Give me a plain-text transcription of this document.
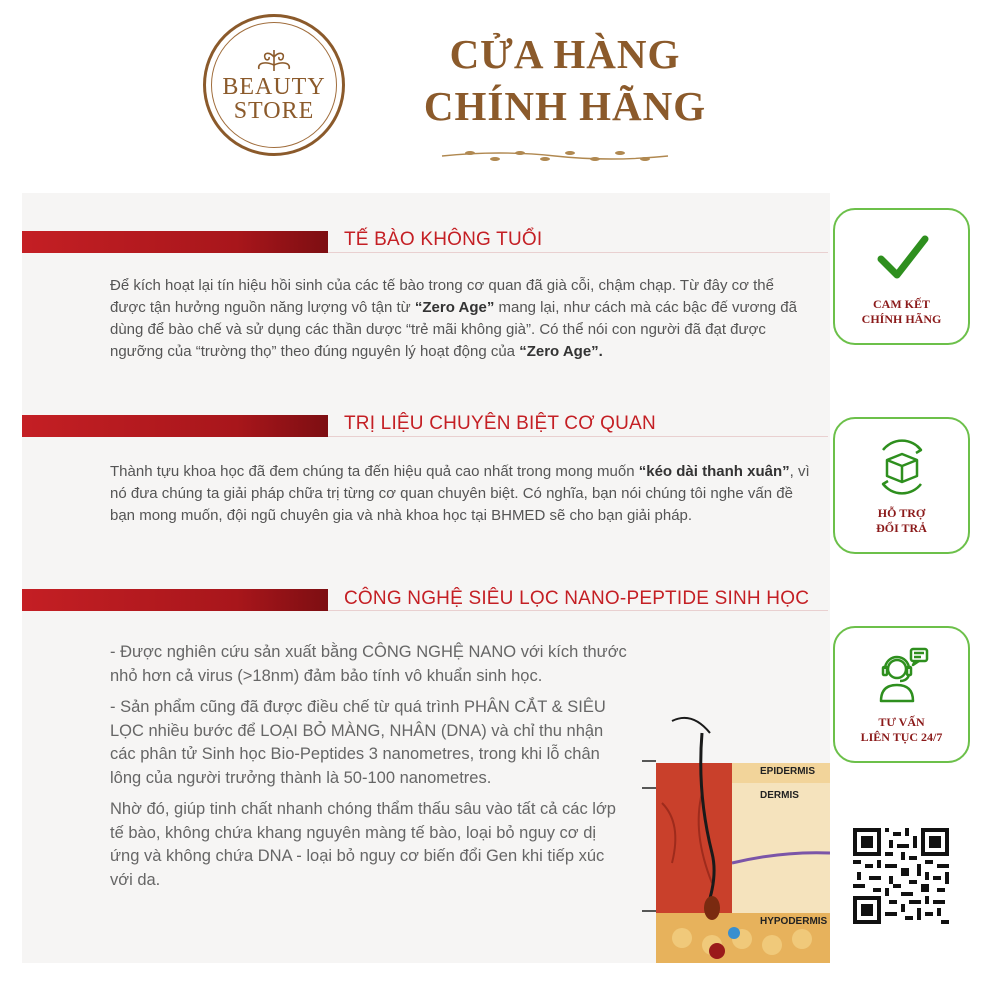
BEAUTY
STORE
CỬA HÀNG
CHÍNH HÃNG
TẾ BÀO KHÔNG TUỔI
Để kích hoạt lại tín hiệu hồi sinh của các tế bào trong cơ quan đã già cỗi, chậm chạp. Từ đây cơ thể được tận hưởng nguồn năng lượng vô tận từ “Zero Age” mang lại, như cách mà các bậc đế vương đã dùng để bào chế và sử dụng các thần dược “trẻ mãi không già”. Có thể nói con người đã đạt được ngưỡng của “trường thọ” theo đúng nguyên lý hoạt động của “Zero Age”.
TRỊ LIỆU CHUYÊN BIỆT CƠ QUAN
Thành tựu khoa học đã đem chúng ta đến hiệu quả cao nhất trong mong muốn “kéo dài thanh xuân”, vì nó đưa chúng ta giải pháp chữa trị từng cơ quan chuyên biệt. Có nghĩa, bạn nói chúng tôi nghe vấn đề bạn mong muốn, đội ngũ chuyên gia và nhà khoa học tại BHMED sẽ cho bạn giải pháp.
CÔNG NGHỆ SIÊU LỌC NANO-PEPTIDE SINH HỌC

- Được nghiên cứu sản xuất bằng CÔNG NGHỆ NANO với kích thước nhỏ hơn cả virus (>18nm) đảm bảo tính vô khuẩn sinh học.

- Sản phẩm cũng đã được điều chế từ quá trình PHÂN CẮT & SIÊU LỌC nhiều bước để LOẠI BỎ MÀNG, NHÂN (DNA) và chỉ thu nhận các phân tử Sinh học Bio-Peptides 3 nanometres, trong khi lỗ chân lông của người trưởng thành là 50-100 nanometres.

Nhờ đó, giúp tinh chất nhanh chóng thẩm thấu sâu vào tất cả các lớp tế bào, không chứa khang nguyên màng tế bào, loại bỏ nguy cơ dị ứng và không chứa DNA - loại bỏ nguy cơ biến đổi Gen khi tiếp xúc với da.

EPIDERMIS
DERMIS
HYPODERMIS
CAM KẾT
CHÍNH HÃNG
HỖ TRỢ
ĐỔI TRẢ
TƯ VẤN
LIÊN TỤC 24/7
